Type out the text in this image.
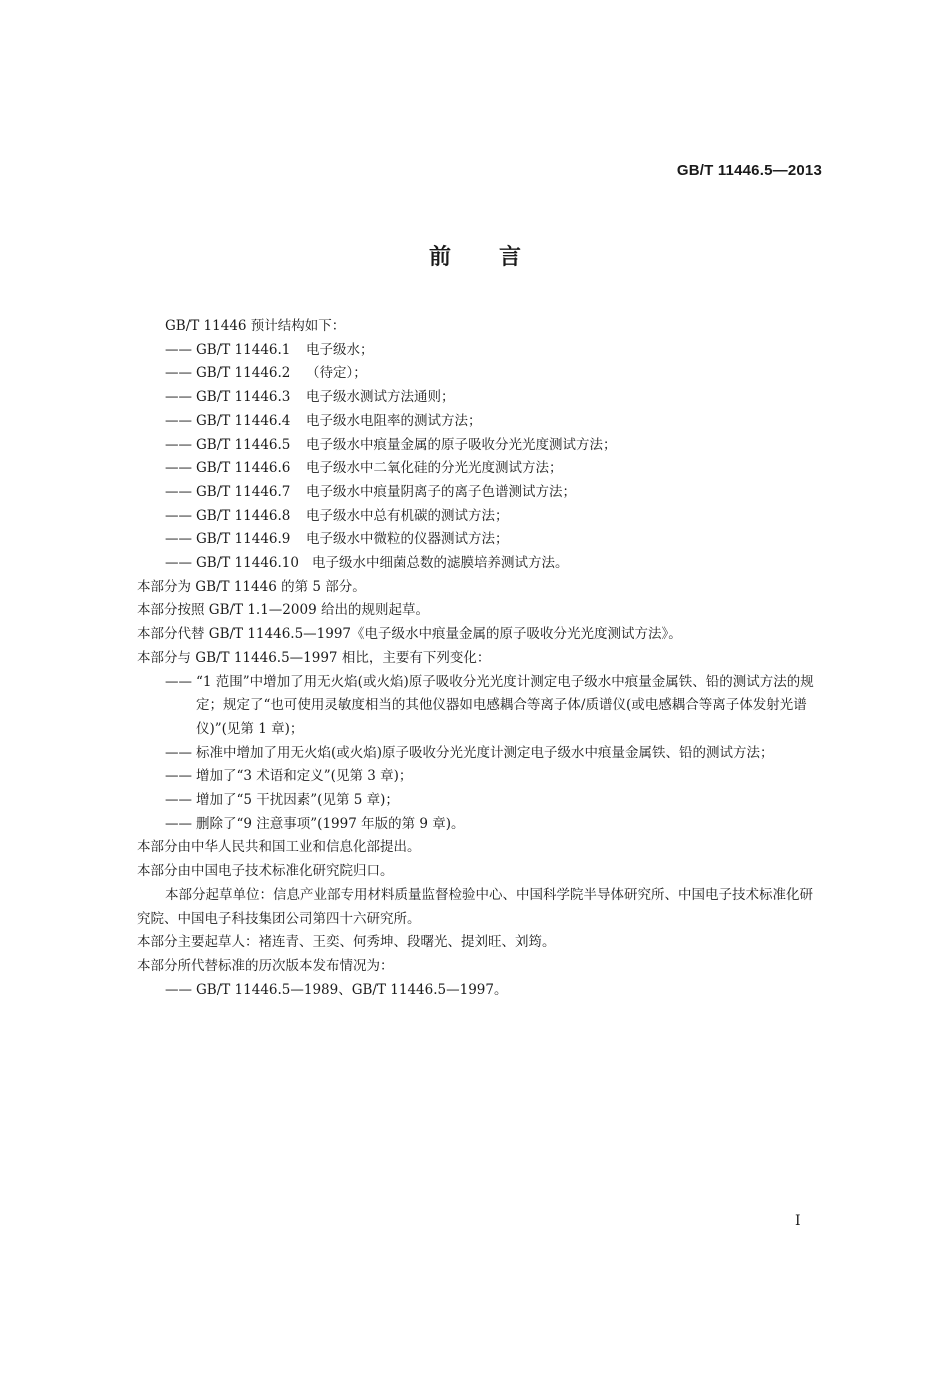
GB/T 11446.5—2013
前言
GB/T 11446 预计结构如下：
—— GB/T 11446.1	电子级水；
—— GB/T 11446.2	（待定）；
—— GB/T 11446.3	电子级水测试方法通则；
—— GB/T 11446.4	电子级水电阻率的测试方法；
—— GB/T 11446.5	电子级水中痕量金属的原子吸收分光光度测试方法；
—— GB/T 11446.6	电子级水中二氧化硅的分光光度测试方法；
—— GB/T 11446.7	电子级水中痕量阴离子的离子色谱测试方法；
—— GB/T 11446.8	电子级水中总有机碳的测试方法；
—— GB/T 11446.9	电子级水中微粒的仪器测试方法；
—— GB/T 11446.10 电子级水中细菌总数的滤膜培养测试方法。
本部分为 GB/T 11446 的第 5 部分。
本部分按照 GB/T 1.1—2009 给出的规则起草。
本部分代替 GB/T 11446.5—1997《电子级水中痕量金属的原子吸收分光光度测试方法》。
本部分与 GB/T 11446.5—1997 相比，主要有下列变化：
—— “1 范围”中增加了用无火焰(或火焰)原子吸收分光光度计测定电子级水中痕量金属铁、铅的测试方法的规定；规定了“也可使用灵敏度相当的其他仪器如电感耦合等离子体/质谱仪(或电感耦合等离子体发射光谱仪)”(见第 1 章)；
—— 标准中增加了用无火焰(或火焰)原子吸收分光光度计测定电子级水中痕量金属铁、铅的测试方法；
—— 增加了“3 术语和定义”(见第 3 章)；
—— 增加了“5 干扰因素”(见第 5 章)；
—— 删除了“9 注意事项”(1997 年版的第 9 章)。
本部分由中华人民共和国工业和信息化部提出。
本部分由中国电子技术标准化研究院归口。
本部分起草单位：信息产业部专用材料质量监督检验中心、中国科学院半导体研究所、中国电子技术标准化研究院、中国电子科技集团公司第四十六研究所。
本部分主要起草人：褚连青、王奕、何秀坤、段曙光、提刘旺、刘筠。
本部分所代替标准的历次版本发布情况为：
—— GB/T 11446.5—1989、GB/T 11446.5—1997。
I
